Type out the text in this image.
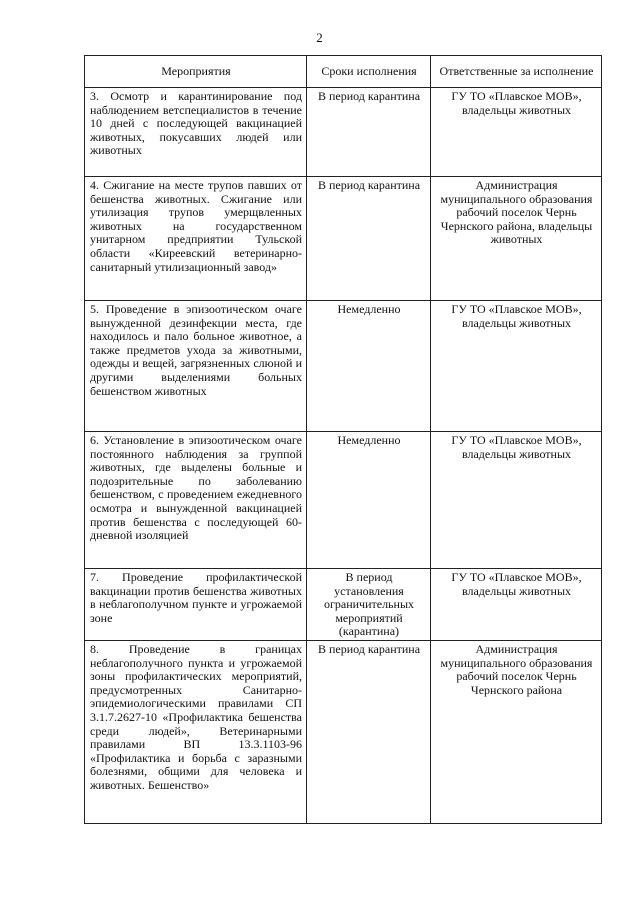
2
Мероприятия	Сроки исполнения	Ответственные за исполнение
3. Осмотр и карантинирование под наблюдением ветспециалистов в течение 10 дней с последующей вакцинацией животных, покусавших людей или животных	В период карантина	ГУ ТО «Плавское МОВ», владельцы животных
4. Сжигание на месте трупов павших от бешенства животных. Сжигание или утилизация трупов умерщвленных животных на государственном унитарном предприятии Тульской области «Киреевский ветеринарно-санитарный утилизационный завод»	В период карантина	Администрация муниципального образования рабочий поселок Чернь Чернского района, владельцы животных
5. Проведение в эпизоотическом очаге вынужденной дезинфекции места, где находилось и пало больное животное, а также предметов ухода за животными, одежды и вещей, загрязненных слюной и другими выделениями больных бешенством животных	Немедленно	ГУ ТО «Плавское МОВ», владельцы животных
6. Установление в эпизоотическом очаге постоянного наблюдения за группой животных, где выделены больные и подозрительные по заболеванию бешенством, с проведением ежедневного осмотра и вынужденной вакцинацией против бешенства с последующей 60-дневной изоляцией	Немедленно	ГУ ТО «Плавское МОВ», владельцы животных
7. Проведение профилактической вакцинации против бешенства животных в неблагополучном пункте и угрожаемой зоне	В период установления ограничительных мероприятий (карантина)	ГУ ТО «Плавское МОВ», владельцы животных
8. Проведение в границах неблагополучного пункта и угрожаемой зоны профилактических мероприятий, предусмотренных Санитарно-эпидемиологическими правилами СП 3.1.7.2627-10 «Профилактика бешенства среди людей», Ветеринарными правилами ВП 13.3.1103-96 «Профилактика и борьба с заразными болезнями, общими для человека и животных. Бешенство»	В период карантина	Администрация муниципального образования рабочий поселок Чернь Чернского района
